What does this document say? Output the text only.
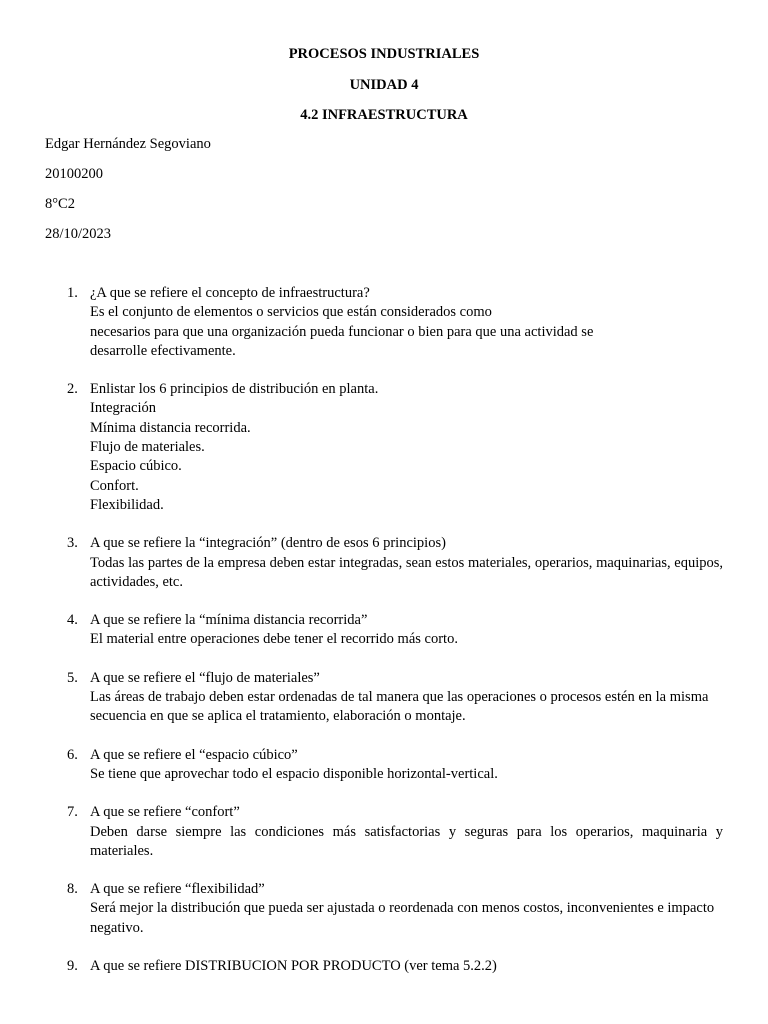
PROCESOS INDUSTRIALES
UNIDAD 4
4.2 INFRAESTRUCTURA
Edgar Hernández Segoviano
20100200
8°C2
28/10/2023
1. ¿A que se refiere el concepto de infraestructura?
Es el conjunto de elementos o servicios que están considerados como
necesarios para que una organización pueda funcionar o bien para que una actividad se
desarrolle efectivamente.
2. Enlistar los 6 principios de distribución en planta.
Integración
Mínima distancia recorrida.
Flujo de materiales.
Espacio cúbico.
Confort.
Flexibilidad.
3. A que se refiere la “integración” (dentro de esos 6 principios)
Todas las partes de la empresa deben estar integradas, sean estos materiales, operarios, maquinarias, equipos, actividades, etc.
4. A que se refiere la “mínima distancia recorrida”
El material entre operaciones debe tener el recorrido más corto.
5. A que se refiere el “flujo de materiales”
Las áreas de trabajo deben estar ordenadas de tal manera que las operaciones o procesos estén en la misma secuencia en que se aplica el tratamiento, elaboración o montaje.
6. A que se refiere el “espacio cúbico”
Se tiene que aprovechar todo el espacio disponible horizontal-vertical.
7. A que se refiere “confort”
Deben darse siempre las condiciones más satisfactorias y seguras para los operarios, maquinaria y materiales.
8. A que se refiere “flexibilidad”
Será mejor la distribución que pueda ser ajustada o reordenada con menos costos, inconvenientes e impacto negativo.
9. A que se refiere DISTRIBUCION POR PRODUCTO (ver tema 5.2.2)
